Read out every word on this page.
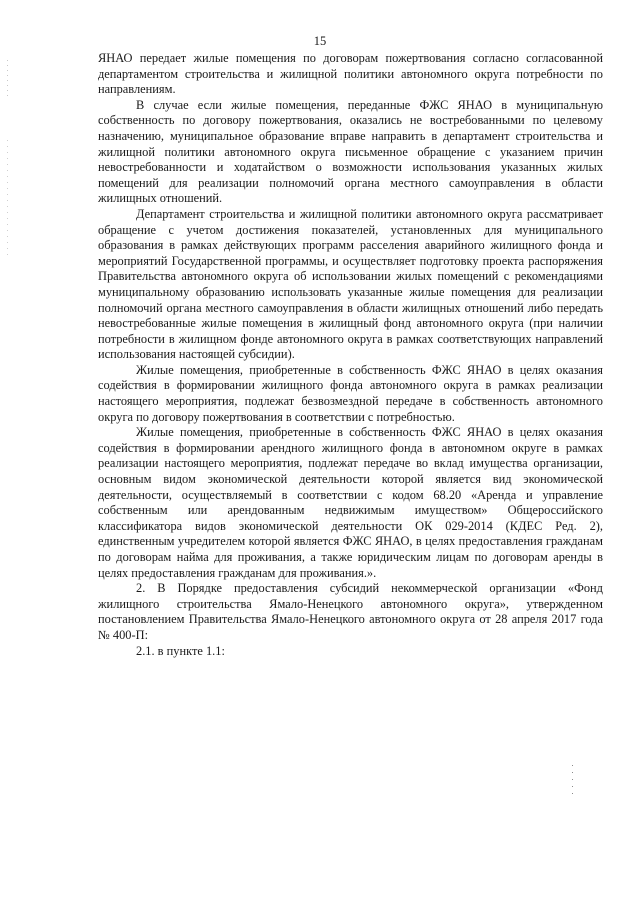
15

ЯНАО передает жилые помещения по договорам пожертвования согласно согласованной департаментом строительства и жилищной политики автономного округа потребности по направлениям.

В случае если жилые помещения, переданные ФЖС ЯНАО в муниципальную собственность по договору пожертвования, оказались не востребованными по целевому назначению, муниципальное образование вправе направить в департамент строительства и жилищной политики автономного округа письменное обращение с указанием причин невостребованности и ходатайством о возможности использования указанных жилых помещений для реализации полномочий органа местного самоуправления в области жилищных отношений.

Департамент строительства и жилищной политики автономного округа рассматривает обращение с учетом достижения показателей, установленных для муниципального образования в рамках действующих программ расселения аварийного жилищного фонда и мероприятий Государственной программы, и осуществляет подготовку проекта распоряжения Правительства автономного округа об использовании жилых помещений с рекомендациями муниципальному образованию использовать указанные жилые помещения для реализации полномочий органа местного самоуправления в области жилищных отношений либо передать невостребованные жилые помещения в жилищный фонд автономного округа (при наличии потребности в жилищном фонде автономного округа в рамках соответствующих направлений использования настоящей субсидии).

Жилые помещения, приобретенные в собственность ФЖС ЯНАО в целях оказания содействия в формировании жилищного фонда автономного округа в рамках реализации настоящего мероприятия, подлежат безвозмездной передаче в собственность автономного округа по договору пожертвования в соответствии с потребностью.

Жилые помещения, приобретенные в собственность ФЖС ЯНАО в целях оказания содействия в формировании арендного жилищного фонда в автономном округе в рамках реализации настоящего мероприятия, подлежат передаче во вклад имущества организации, основным видом экономической деятельности которой является вид экономической деятельности, осуществляемый в соответствии с кодом 68.20 «Аренда и управление собственным или арендованным недвижимым имуществом» Общероссийского классификатора видов экономической деятельности ОК 029-2014 (КДЕС Ред. 2), единственным учредителем которой является ФЖС ЯНАО, в целях предоставления гражданам по договорам найма для проживания, а также юридическим лицам по договорам аренды в целях предоставления гражданам для проживания.».

2. В Порядке предоставления субсидий некоммерческой организации «Фонд жилищного строительства Ямало-Ненецкого автономного округа», утвержденном постановлением Правительства Ямало-Ненецкого автономного округа от 28 апреля 2017 года № 400-П:

2.1. в пункте 1.1:
